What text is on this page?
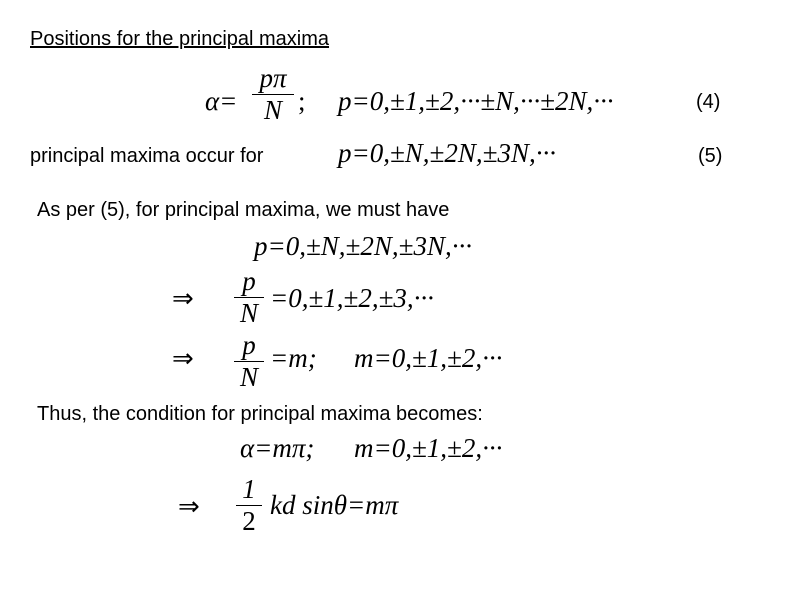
Positions for the principal maxima
α=
pπ
N ; p=0,±1,±2,···±N,···±2N,···	(4)
principal maxima occur for	p=0,±N,±2N,±3N,···	(5)
As per (5), for principal maxima, we must have
p=0,±N,±2N,±3N,···
⇒
p
N =0,±1,±2,±3,···
⇒	p
N
=m; m=0,±1,±2,···
Thus, the condition for principal maxima becomes:
α=mπ; m=0,±1,±2,···
⇒
1
2
kd sinθ=mπ
